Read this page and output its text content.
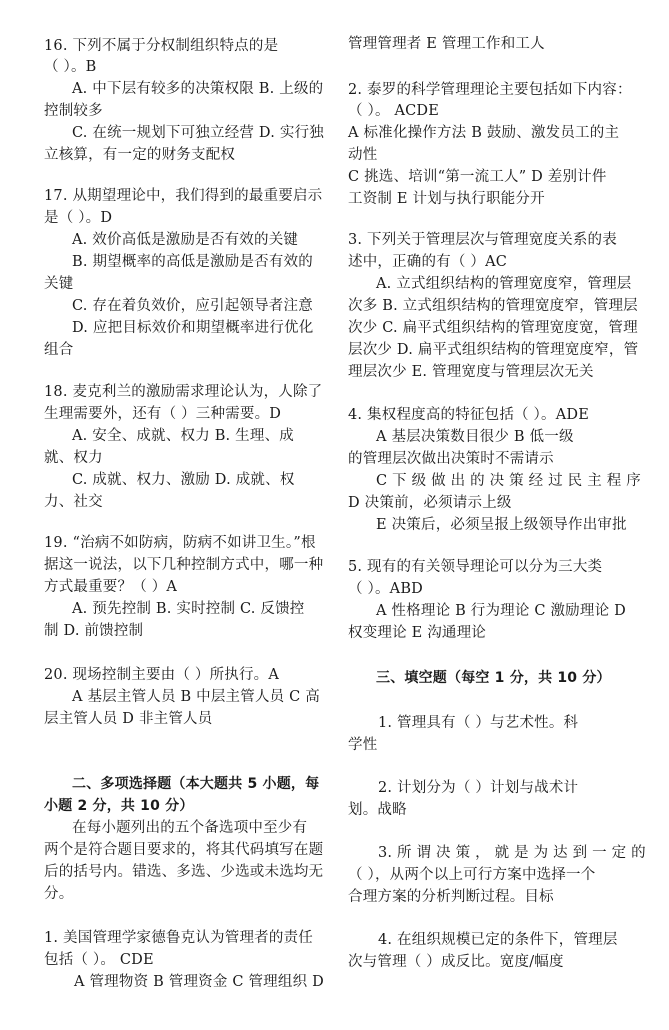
16. 下列不属于分权制组织特点的是
（ ）。B
A. 中下层有较多的决策权限 B. 上级的
控制较多
C. 在统一规划下可独立经营 D. 实行独
立核算，有一定的财务支配权
17. 从期望理论中，我们得到的最重要启示
是（ ）。D
A. 效价高低是激励是否有效的关键
B. 期望概率的高低是激励是否有效的
关键
C. 存在着负效价，应引起领导者注意
D. 应把目标效价和期望概率进行优化
组合
18. 麦克利兰的激励需求理论认为，人除了
生理需要外，还有（ ）三种需要。D
A. 安全、成就、权力 B. 生理、成
就、权力
C. 成就、权力、激励 D. 成就、权
力、社交
19. “治病不如防病，防病不如讲卫生。”根
据这一说法，以下几种控制方式中，哪一种
方式最重要？（ ）A
A. 预先控制 B. 实时控制 C. 反馈控
制 D. 前馈控制
20. 现场控制主要由（ ）所执行。A
A 基层主管人员 B 中层主管人员 C 高
层主管人员 D 非主管人员
二、多项选择题（本大题共 5 小题，每
小题 2 分，共 10 分）
在每小题列出的五个备选项中至少有
两个是符合题目要求的，将其代码填写在题
后的括号内。错选、多选、少选或未选均无
分。
1. 美国管理学家德鲁克认为管理者的责任
包括（ ）。 CDE
A 管理物资 B 管理资金 C 管理组织 D
管理管理者 E 管理工作和工人
2. 泰罗的科学管理理论主要包括如下内容：
（ ）。 ACDE
A 标准化操作方法 B 鼓励、激发员工的主
动性
C 挑选、培训“第一流工人” D 差别计件
工资制 E 计划与执行职能分开
3. 下列关于管理层次与管理宽度关系的表
述中，正确的有（ ）AC
A. 立式组织结构的管理宽度窄，管理层
次多 B. 立式组织结构的管理宽度窄，管理层
次少 C. 扁平式组织结构的管理宽度宽，管理
层次少 D. 扁平式组织结构的管理宽度窄，管
理层次少 E. 管理宽度与管理层次无关
4. 集权程度高的特征包括（ ）。ADE
A 基层决策数目很少 B 低一级
的管理层次做出决策时不需请示
C 下 级 做 出 的 决 策 经 过 民 主 程 序
D 决策前，必须请示上级
E 决策后，必须呈报上级领导作出审批
5. 现有的有关领导理论可以分为三大类
（ ）。ABD
A 性格理论 B 行为理论 C 激励理论 D
权变理论 E 沟通理论
三、填空题（每空 1 分，共 10 分）
1. 管理具有（ ）与艺术性。科
学性
2. 计划分为（ ）计划与战术计
划。战略
3. 所 谓 决 策 ， 就 是 为 达 到 一 定 的
（ ），从两个以上可行方案中选择一个
合理方案的分析判断过程。目标
4. 在组织规模已定的条件下，管理层
次与管理（ ）成反比。宽度/幅度
